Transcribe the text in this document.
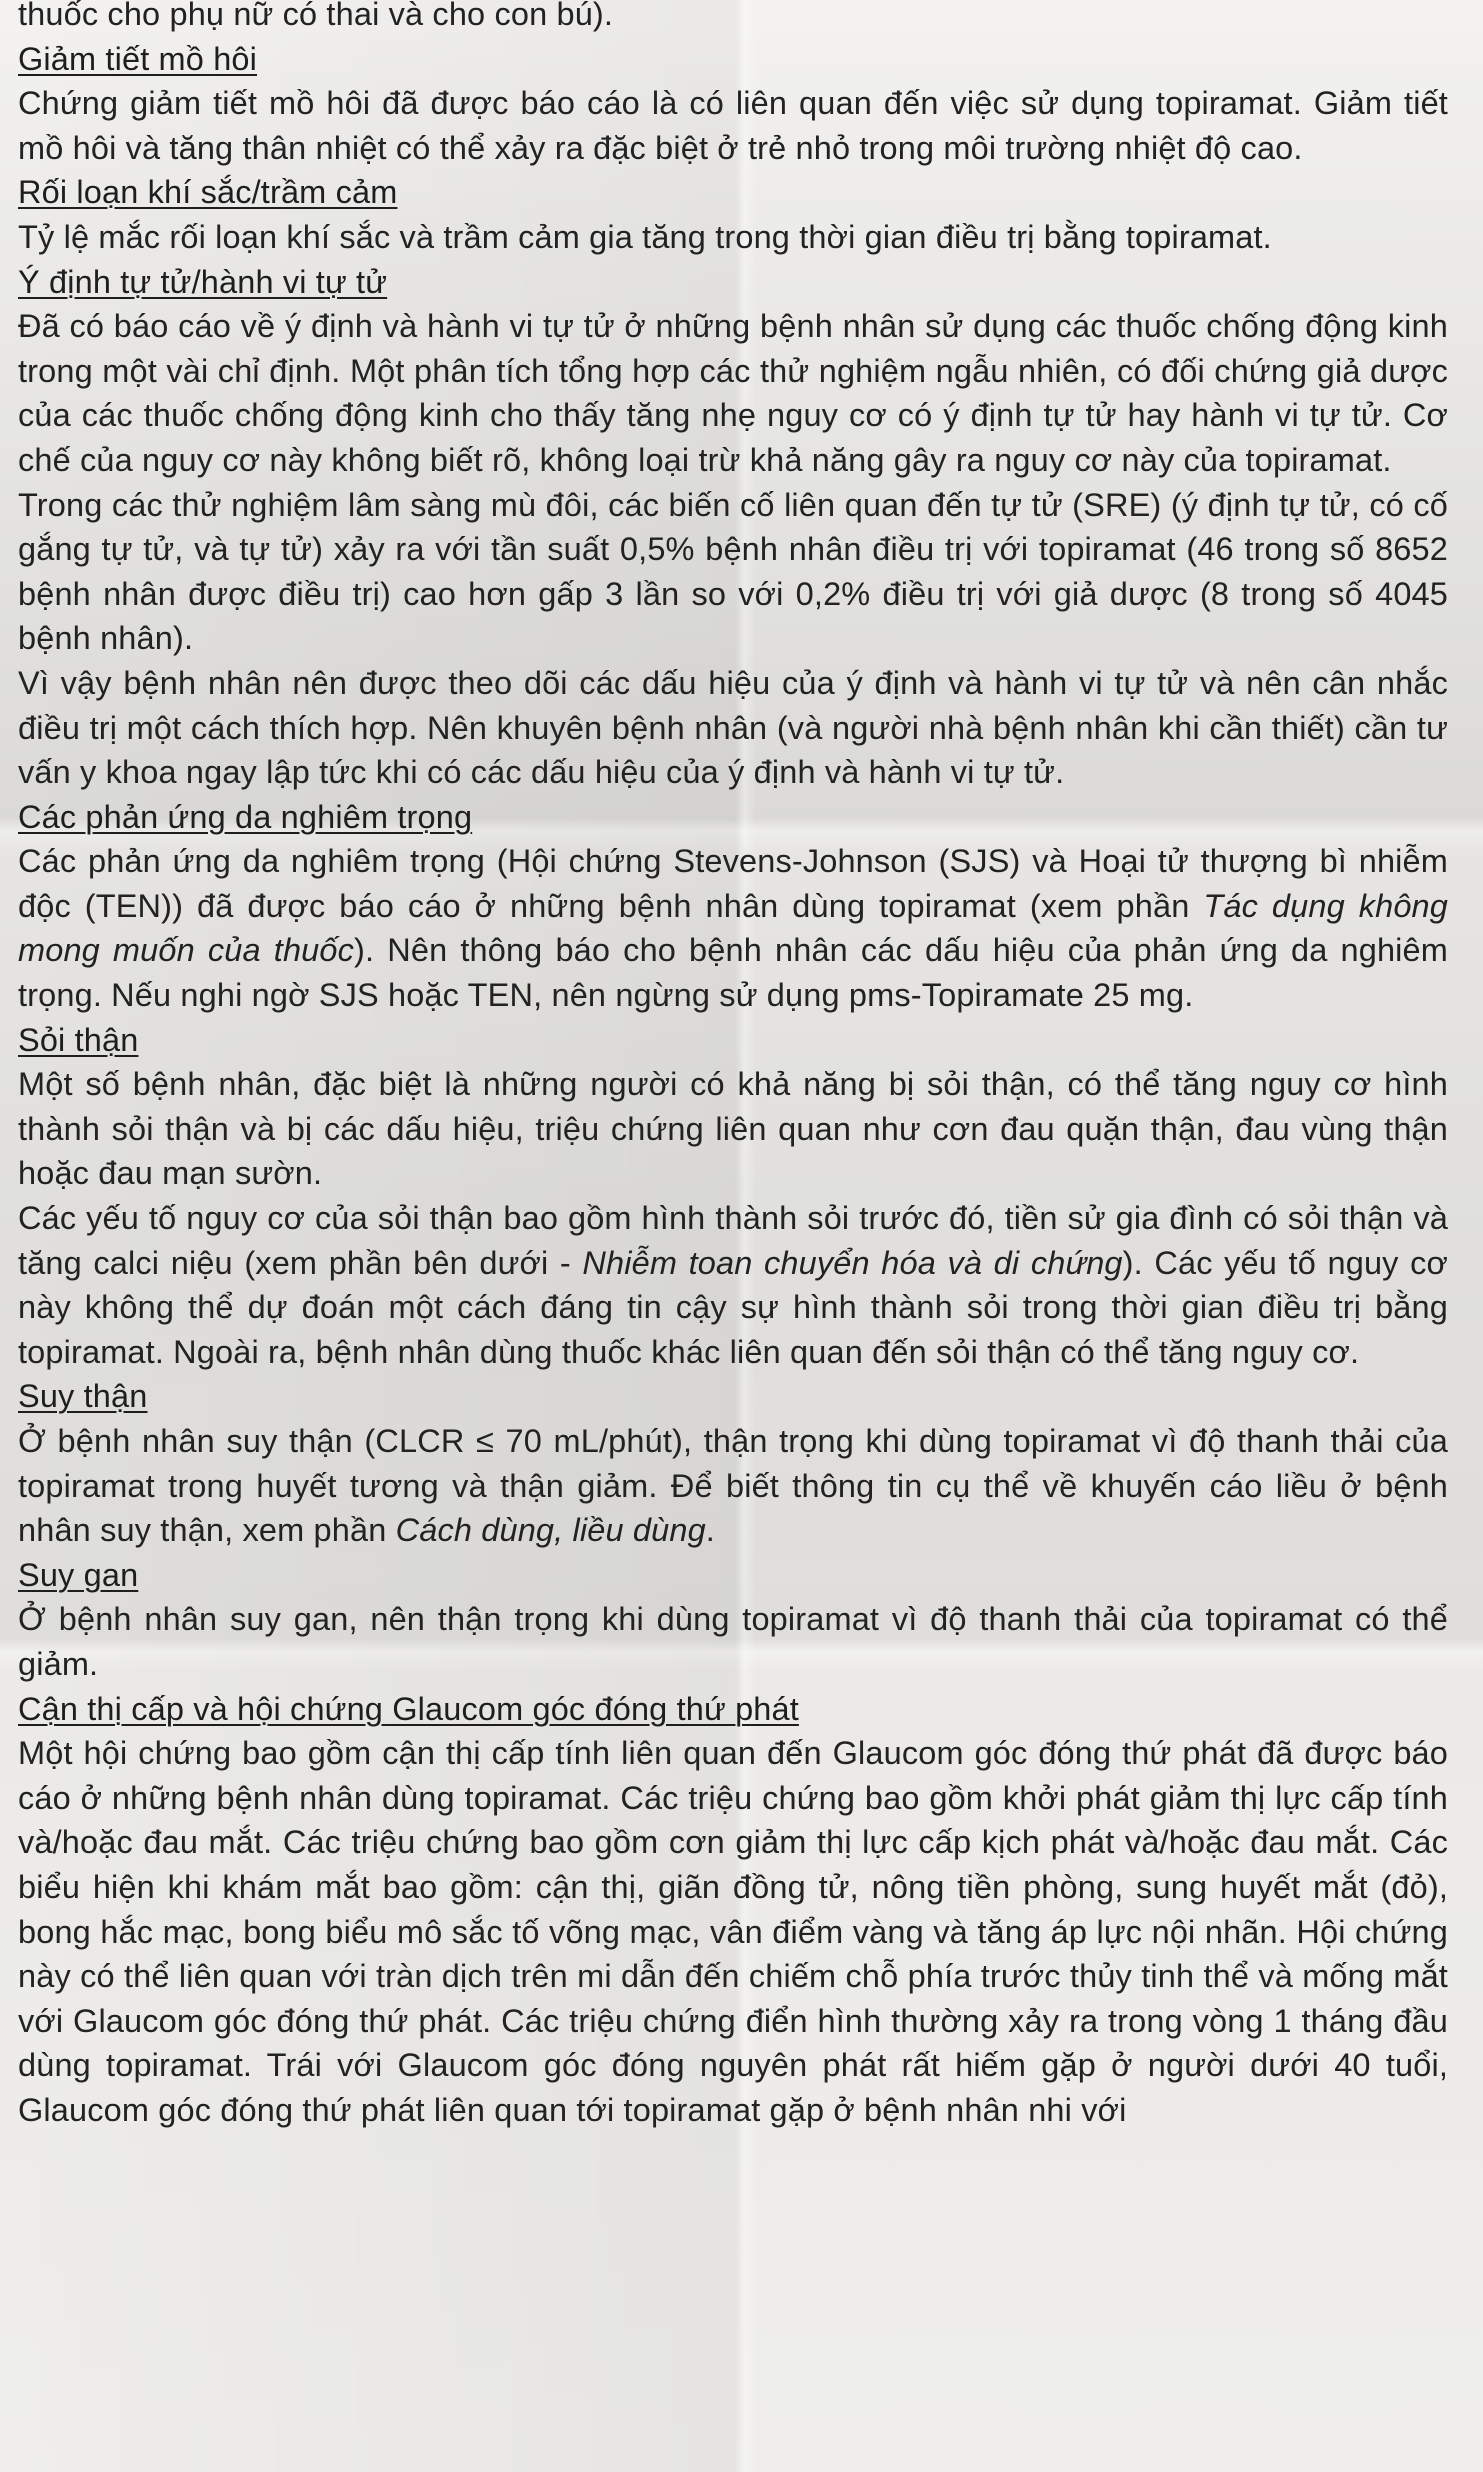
thuốc cho phụ nữ có thai và cho con bú).

Giảm tiết mồ hôi

Chứng giảm tiết mồ hôi đã được báo cáo là có liên quan đến việc sử dụng topiramat. Giảm tiết mồ hôi và tăng thân nhiệt có thể xảy ra đặc biệt ở trẻ nhỏ trong môi trường nhiệt độ cao.

Rối loạn khí sắc/trầm cảm

Tỷ lệ mắc rối loạn khí sắc và trầm cảm gia tăng trong thời gian điều trị bằng topiramat.

Ý định tự tử/hành vi tự tử

Đã có báo cáo về ý định và hành vi tự tử ở những bệnh nhân sử dụng các thuốc chống động kinh trong một vài chỉ định. Một phân tích tổng hợp các thử nghiệm ngẫu nhiên, có đối chứng giả dược của các thuốc chống động kinh cho thấy tăng nhẹ nguy cơ có ý định tự tử hay hành vi tự tử. Cơ chế của nguy cơ này không biết rõ, không loại trừ khả năng gây ra nguy cơ này của topiramat.

Trong các thử nghiệm lâm sàng mù đôi, các biến cố liên quan đến tự tử (SRE) (ý định tự tử, có cố gắng tự tử, và tự tử) xảy ra với tần suất 0,5% bệnh nhân điều trị với topiramat (46 trong số 8652 bệnh nhân được điều trị) cao hơn gấp 3 lần so với 0,2% điều trị với giả dược (8 trong số 4045 bệnh nhân).

Vì vậy bệnh nhân nên được theo dõi các dấu hiệu của ý định và hành vi tự tử và nên cân nhắc điều trị một cách thích hợp. Nên khuyên bệnh nhân (và người nhà bệnh nhân khi cần thiết) cần tư vấn y khoa ngay lập tức khi có các dấu hiệu của ý định và hành vi tự tử.

Các phản ứng da nghiêm trọng

Các phản ứng da nghiêm trọng (Hội chứng Stevens-Johnson (SJS) và Hoại tử thượng bì nhiễm độc (TEN)) đã được báo cáo ở những bệnh nhân dùng topiramat (xem phần Tác dụng không mong muốn của thuốc). Nên thông báo cho bệnh nhân các dấu hiệu của phản ứng da nghiêm trọng. Nếu nghi ngờ SJS hoặc TEN, nên ngừng sử dụng pms-Topiramate 25 mg.

Sỏi thận

Một số bệnh nhân, đặc biệt là những người có khả năng bị sỏi thận, có thể tăng nguy cơ hình thành sỏi thận và bị các dấu hiệu, triệu chứng liên quan như cơn đau quặn thận, đau vùng thận hoặc đau mạn sườn.

Các yếu tố nguy cơ của sỏi thận bao gồm hình thành sỏi trước đó, tiền sử gia đình có sỏi thận và tăng calci niệu (xem phần bên dưới - Nhiễm toan chuyển hóa và di chứng). Các yếu tố nguy cơ này không thể dự đoán một cách đáng tin cậy sự hình thành sỏi trong thời gian điều trị bằng topiramat. Ngoài ra, bệnh nhân dùng thuốc khác liên quan đến sỏi thận có thể tăng nguy cơ.

Suy thận

Ở bệnh nhân suy thận (CLCR ≤ 70 mL/phút), thận trọng khi dùng topiramat vì độ thanh thải của topiramat trong huyết tương và thận giảm. Để biết thông tin cụ thể về khuyến cáo liều ở bệnh nhân suy thận, xem phần Cách dùng, liều dùng.

Suy gan

Ở bệnh nhân suy gan, nên thận trọng khi dùng topiramat vì độ thanh thải của topiramat có thể giảm.

Cận thị cấp và hội chứng Glaucom góc đóng thứ phát

Một hội chứng bao gồm cận thị cấp tính liên quan đến Glaucom góc đóng thứ phát đã được báo cáo ở những bệnh nhân dùng topiramat. Các triệu chứng bao gồm khởi phát giảm thị lực cấp tính và/hoặc đau mắt. Các triệu chứng bao gồm cơn giảm thị lực cấp kịch phát và/hoặc đau mắt. Các biểu hiện khi khám mắt bao gồm: cận thị, giãn đồng tử, nông tiền phòng, sung huyết mắt (đỏ), bong hắc mạc, bong biểu mô sắc tố võng mạc, vân điểm vàng và tăng áp lực nội nhãn. Hội chứng này có thể liên quan với tràn dịch trên mi dẫn đến chiếm chỗ phía trước thủy tinh thể và mống mắt với Glaucom góc đóng thứ phát. Các triệu chứng điển hình thường xảy ra trong vòng 1 tháng đầu dùng topiramat. Trái với Glaucom góc đóng nguyên phát rất hiếm gặp ở người dưới 40 tuổi, Glaucom góc đóng thứ phát liên quan tới topiramat gặp ở bệnh nhân nhi với
